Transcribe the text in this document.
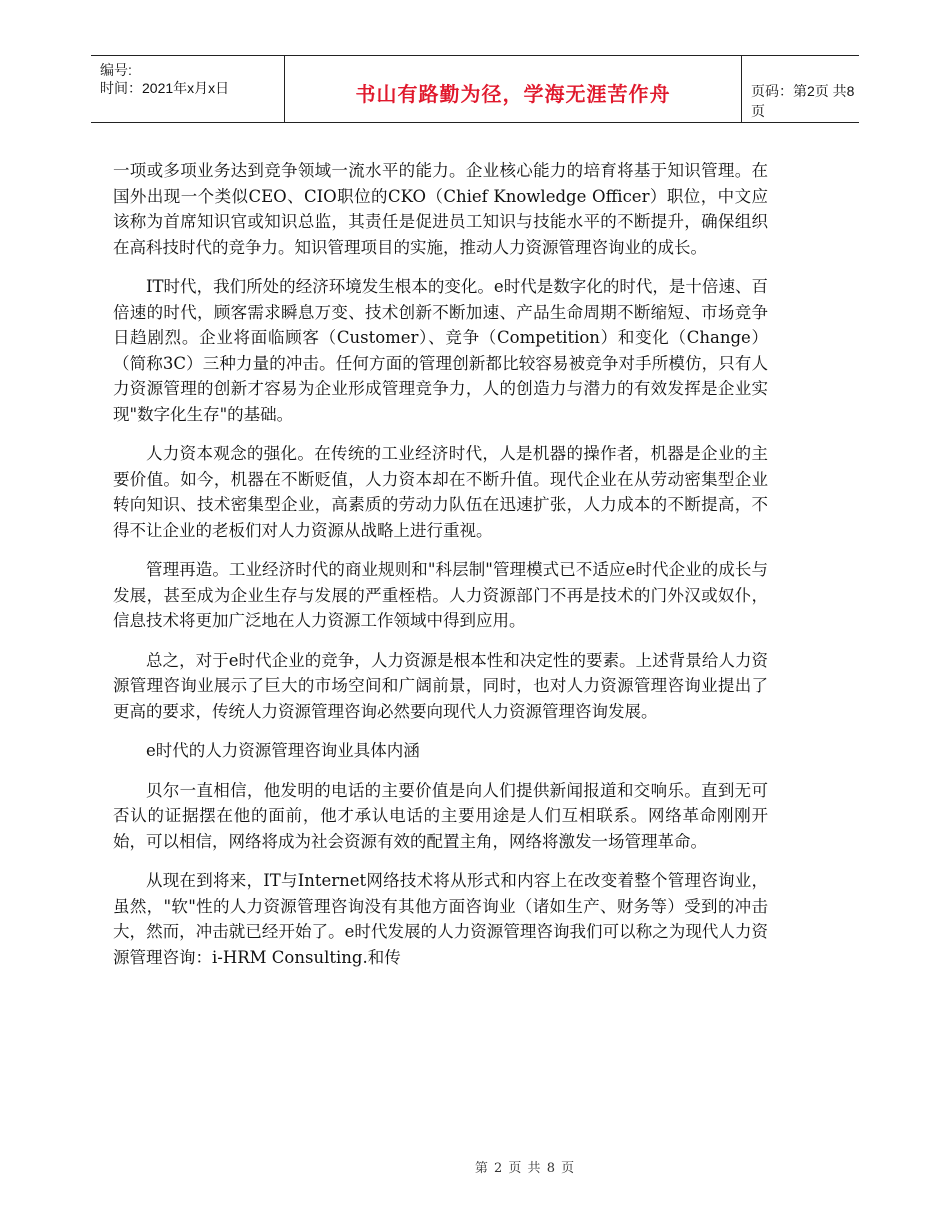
编号:
时间：2021年x月x日	书山有路勤为径，学海无涯苦作舟	页码：第2页 共8页

一项或多项业务达到竞争领域一流水平的能力。企业核心能力的培育将基于知识管理。在国外出现一个类似CEO、CIO职位的CKO（Chief Knowledge Officer）职位，中文应该称为首席知识官或知识总监，其责任是促进员工知识与技能水平的不断提升，确保组织在高科技时代的竞争力。知识管理项目的实施，推动人力资源管理咨询业的成长。

IT时代，我们所处的经济环境发生根本的变化。e时代是数字化的时代，是十倍速、百倍速的时代，顾客需求瞬息万变、技术创新不断加速、产品生命周期不断缩短、市场竞争日趋剧烈。企业将面临顾客（Customer）、竞争（Competition）和变化（Change）（简称3C）三种力量的冲击。任何方面的管理创新都比较容易被竞争对手所模仿，只有人力资源管理的创新才容易为企业形成管理竞争力，人的创造力与潜力的有效发挥是企业实现"数字化生存"的基础。

人力资本观念的强化。在传统的工业经济时代，人是机器的操作者，机器是企业的主要价值。如今，机器在不断贬值，人力资本却在不断升值。现代企业在从劳动密集型企业转向知识、技术密集型企业，高素质的劳动力队伍在迅速扩张，人力成本的不断提高，不得不让企业的老板们对人力资源从战略上进行重视。

管理再造。工业经济时代的商业规则和"科层制"管理模式已不适应e时代企业的成长与发展，甚至成为企业生存与发展的严重桎梏。人力资源部门不再是技术的门外汉或奴仆，信息技术将更加广泛地在人力资源工作领域中得到应用。

总之，对于e时代企业的竞争，人力资源是根本性和决定性的要素。上述背景给人力资源管理咨询业展示了巨大的市场空间和广阔前景，同时，也对人力资源管理咨询业提出了更高的要求，传统人力资源管理咨询必然要向现代人力资源管理咨询发展。

e时代的人力资源管理咨询业具体内涵

贝尔一直相信，他发明的电话的主要价值是向人们提供新闻报道和交响乐。直到无可否认的证据摆在他的面前，他才承认电话的主要用途是人们互相联系。网络革命刚刚开始，可以相信，网络将成为社会资源有效的配置主角，网络将激发一场管理革命。

从现在到将来，IT与Internet网络技术将从形式和内容上在改变着整个管理咨询业，虽然，"软"性的人力资源管理咨询没有其他方面咨询业（诸如生产、财务等）受到的冲击大，然而，冲击就已经开始了。e时代发展的人力资源管理咨询我们可以称之为现代人力资源管理咨询：i-HRM Consulting.和传

第 2 页 共 8 页
